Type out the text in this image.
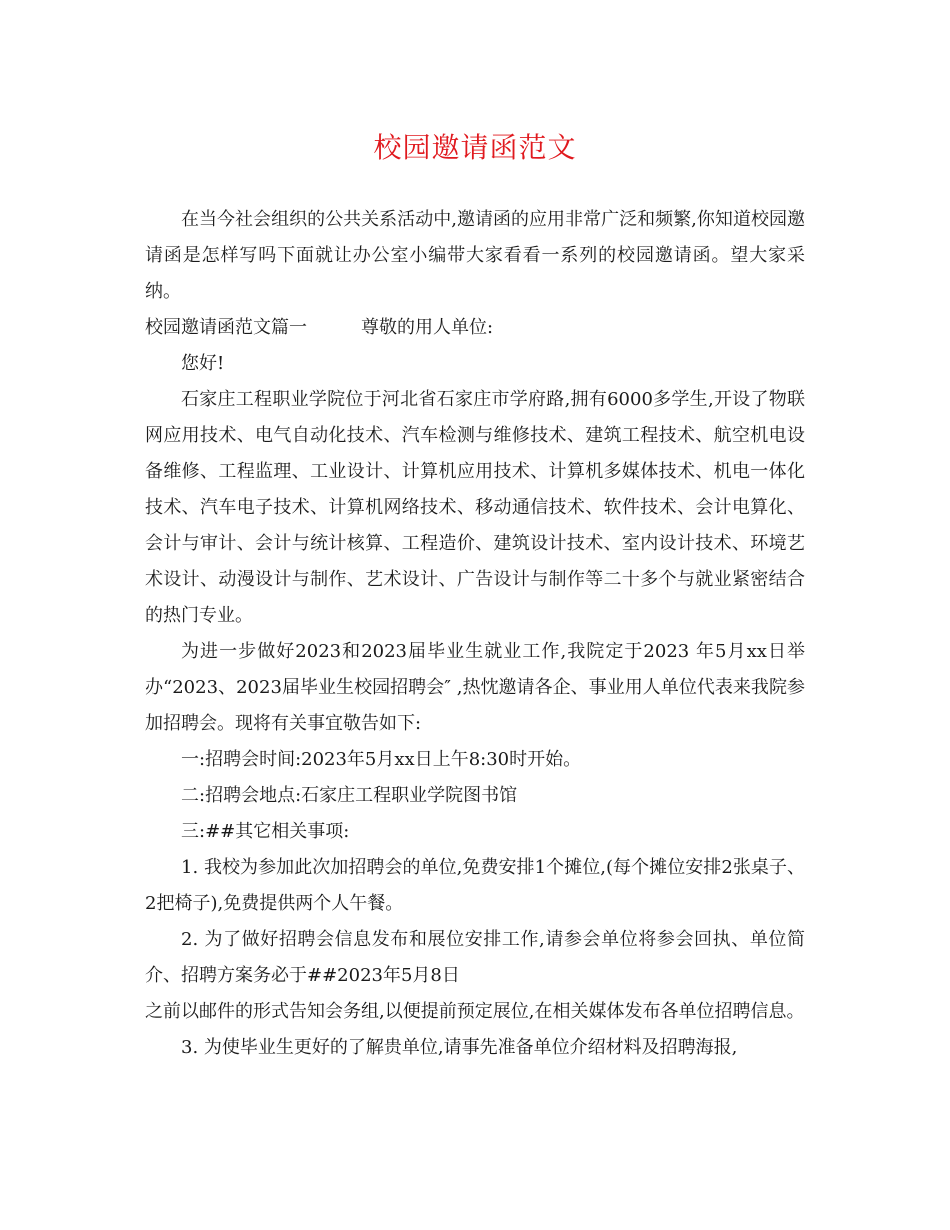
校园邀请函范文

在当今社会组织的公共关系活动中,邀请函的应用非常广泛和频繁,你知道校园邀请函是怎样写吗下面就让办公室小编带大家看看一系列的校园邀请函。望大家采纳。

校园邀请函范文篇一	尊敬的用人单位:

您好!

石家庄工程职业学院位于河北省石家庄市学府路,拥有6000多学生,开设了物联网应用技术、电气自动化技术、汽车检测与维修技术、建筑工程技术、航空机电设备维修、工程监理、工业设计、计算机应用技术、计算机多媒体技术、机电一体化技术、汽车电子技术、计算机网络技术、移动通信技术、软件技术、会计电算化、会计与审计、会计与统计核算、工程造价、建筑设计技术、室内设计技术、环境艺术设计、动漫设计与制作、艺术设计、广告设计与制作等二十多个与就业紧密结合的热门专业。

为进一步做好2023和2023届毕业生就业工作,我院定于2023 年5月xx日举办“2023、2023届毕业生校园招聘会″ ,热忱邀请各企、事业用人单位代表来我院参加招聘会。现将有关事宜敬告如下:

一:招聘会时间:2023年5月xx日上午8:30时开始。

二:招聘会地点:石家庄工程职业学院图书馆

三:##其它相关事项:

1. 我校为参加此次加招聘会的单位,免费安排1个摊位,(每个摊位安排2张桌子、2把椅子),免费提供两个人午餐。

2. 为了做好招聘会信息发布和展位安排工作,请参会单位将参会回执、单位简介、招聘方案务必于##2023年5月8日

之前以邮件的形式告知会务组,以便提前预定展位,在相关媒体发布各单位招聘信息。

3. 为使毕业生更好的了解贵单位,请事先准备单位介绍材料及招聘海报,
